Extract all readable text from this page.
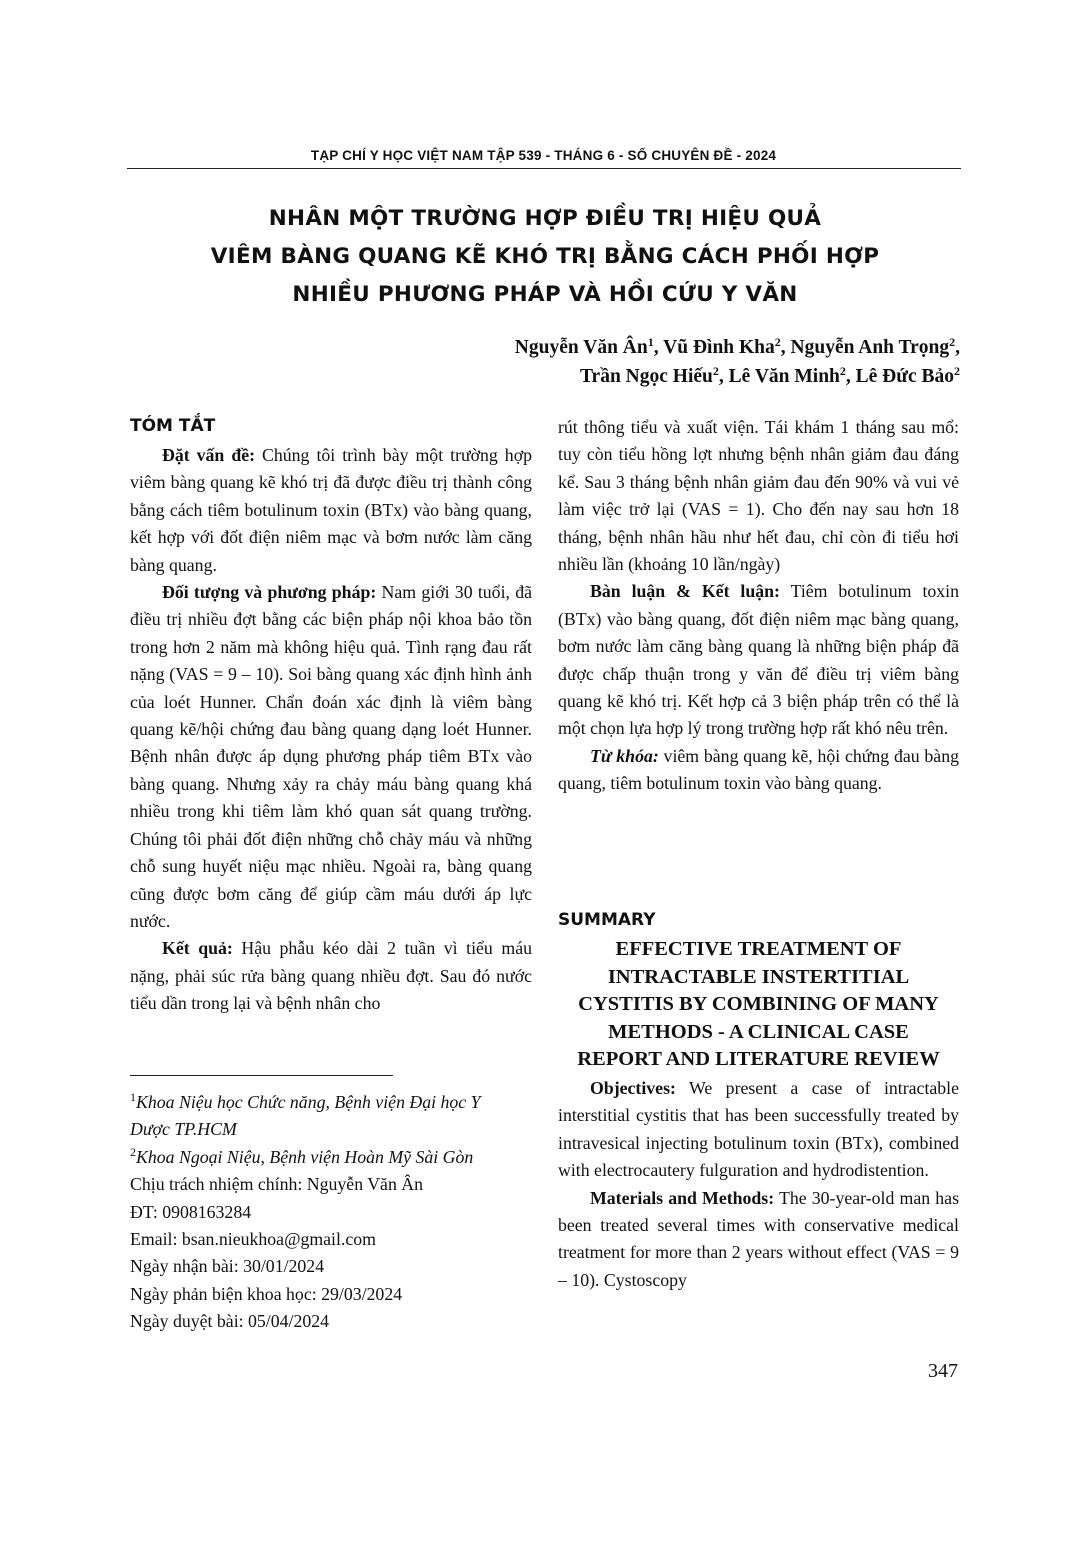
TẠP CHÍ Y HỌC VIỆT NAM TẬP 539 - THÁNG 6 - SỐ CHUYÊN ĐỀ - 2024
NHÂN MỘT TRƯỜNG HỢP ĐIỀU TRỊ HIỆU QUẢ
VIÊM BÀNG QUANG KẼ KHÓ TRỊ BẰNG CÁCH PHỐI HỢP
NHIỀU PHƯƠNG PHÁP VÀ HỒI CỨU Y VĂN
Nguyễn Văn $Ân^1$, Vũ Đình Kha$^2$, Nguyễn Anh Trọng$^2$,
Trần Ngọc Hiếu$^2$, Lê Văn Minh$^2$, Lê Đức Bảo$^2$
TÓM TẮT

Đặt vấn đề: Chúng tôi trình bày một trường hợp viêm bàng quang kẽ khó trị đã được điều trị thành công bằng cách tiêm botulinum toxin (BTx) vào bàng quang, kết hợp với đốt điện niêm mạc và bơm nước làm căng bàng quang.

Đối tượng và phương pháp: Nam giới 30 tuổi, đã điều trị nhiều đợt bằng các biện pháp nội khoa bảo tồn trong hơn 2 năm mà không hiệu quả. Tình rạng đau rất nặng (VAS = 9 – 10). Soi bàng quang xác định hình ảnh của loét Hunner. Chẩn đoán xác định là viêm bàng quang kẽ/hội chứng đau bàng quang dạng loét Hunner. Bệnh nhân được áp dụng phương pháp tiêm BTx vào bàng quang. Nhưng xảy ra chảy máu bàng quang khá nhiều trong khi tiêm làm khó quan sát quang trường. Chúng tôi phải đốt điện những chỗ chảy máu và những chỗ sung huyết niệu mạc nhiều. Ngoài ra, bàng quang cũng được bơm căng để giúp cầm máu dưới áp lực nước.

Kết quả: Hậu phẫu kéo dài 2 tuần vì tiểu máu nặng, phải súc rửa bàng quang nhiều đợt. Sau đó nước tiểu dần trong lại và bệnh nhân cho

$^1$Khoa Niệu học Chức năng, Bệnh viện Đại học Y
Dược TP.HCM
$^2$Khoa Ngoại Niệu, Bệnh viện Hoàn Mỹ Sài Gòn
Chịu trách nhiệm chính: Nguyễn Văn Ân
ĐT: 0908163284
Email: bsan.nieukhoa@gmail.com
Ngày nhận bài: 30/01/2024
Ngày phản biện khoa học: 29/03/2024
Ngày duyệt bài: 05/04/2024

rút thông tiểu và xuất viện. Tái khám 1 tháng sau mổ: tuy còn tiểu hồng lợt nhưng bệnh nhân giảm đau đáng kể. Sau 3 tháng bệnh nhân giảm đau đến 90% và vui vẻ làm việc trở lại (VAS = 1). Cho đến nay sau hơn 18 tháng, bệnh nhân hầu như hết đau, chỉ còn đi tiểu hơi nhiều lần (khoảng 10 lần/ngày)

Bàn luận & Kết luận: Tiêm botulinum toxin (BTx) vào bàng quang, đốt điện niêm mạc bàng quang, bơm nước làm căng bàng quang là những biện pháp đã được chấp thuận trong y văn để điều trị viêm bàng quang kẽ khó trị. Kết hợp cả 3 biện pháp trên có thể là một chọn lựa hợp lý trong trường hợp rất khó nêu trên.

Từ khóa: viêm bàng quang kẽ, hội chứng đau bàng quang, tiêm botulinum toxin vào bàng quang.

SUMMARY
EFFECTIVE TREATMENT OF
INTRACTABLE INSTERTITIAL
CYSTITIS BY COMBINING OF MANY
METHODS - A CLINICAL CASE
REPORT AND LITERATURE REVIEW

Objectives: We present a case of intractable interstitial cystitis that has been successfully treated by intravesical injecting botulinum toxin (BTx), combined with electrocautery fulguration and hydrodistention.

Materials and Methods: The 30-year-old man has been treated several times with conservative medical treatment for more than 2 years without effect (VAS = 9 – 10). Cystoscopy

347
